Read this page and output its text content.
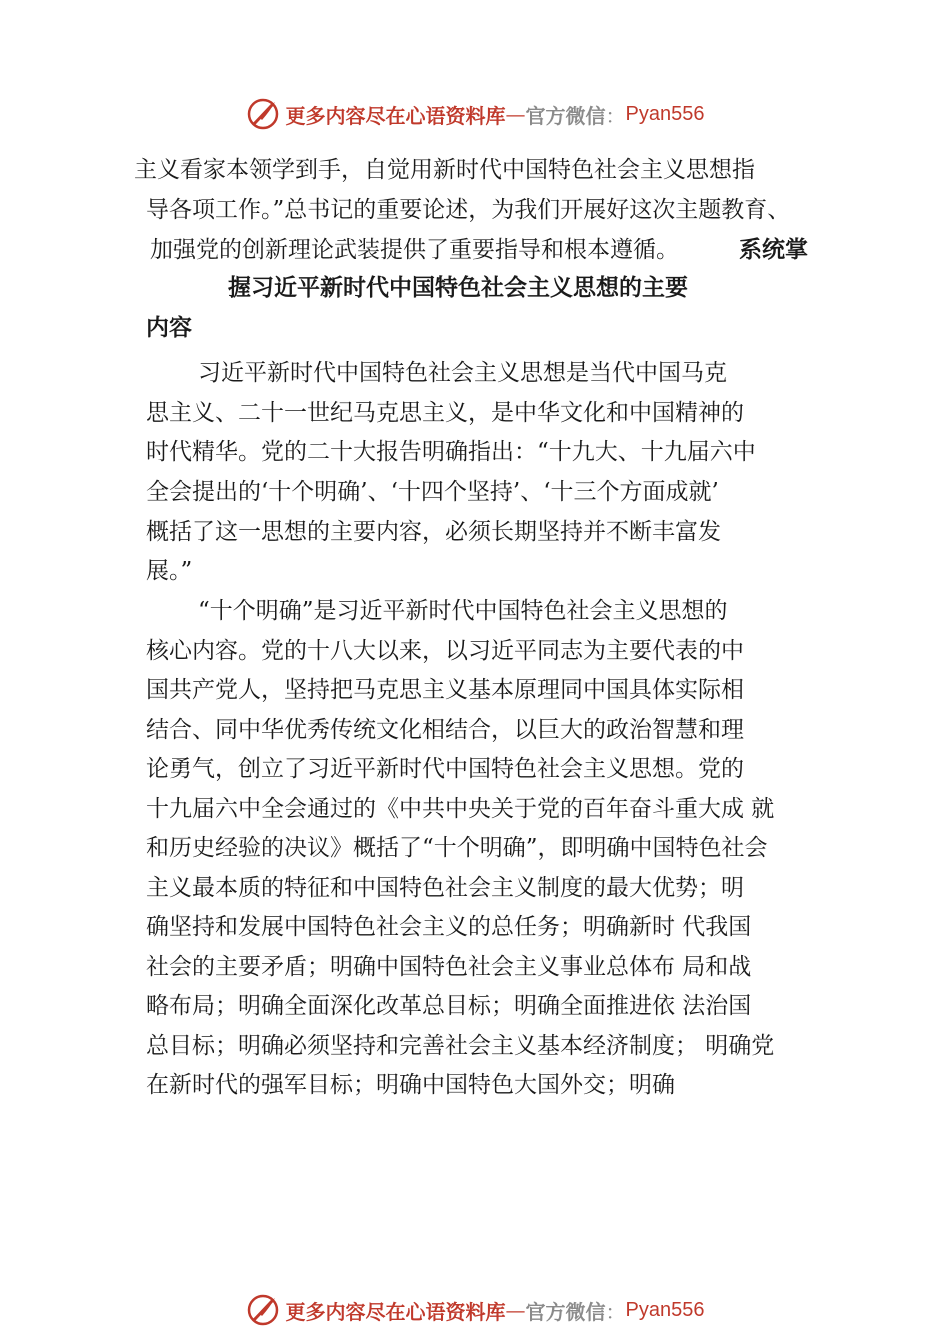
更多内容尽在心语资料库 — 官方微信 ： Pyan556
主义看家本领学到手，自觉用新时代中国特色社会主义思想指
导各项工作。”总书记的重要论述，为我们开展好这次主题教育、
加强党的创新理论武装提供了重要指导和根本遵循。	系统掌
握习近平新时代中国特色社会主义思想的主要
内容
习近平新时代中国特色社会主义思想是当代中国马克
思主义、二十一世纪马克思主义，是中华文化和中国精神的
时代精华。党的二十大报告明确指出：“十九大、十九届六中
全会提出的‘十个明确’、‘十四个坚持’、‘十三个方面成就’
概括了这一思想的主要内容，必须长期坚持并不断丰富发
展。”
“十个明确”是习近平新时代中国特色社会主义思想的
核心内容。党的十八大以来，以习近平同志为主要代表的中
国共产党人，坚持把马克思主义基本原理同中国具体实际相
结合、同中华优秀传统文化相结合，以巨大的政治智慧和理
论勇气，创立了习近平新时代中国特色社会主义思想。党的
十九届六中全会通过的《中共中央关于党的百年奋斗重大成 就
和历史经验的决议》概括了“十个明确”，即明确中国特色社会
主义最本质的特征和中国特色社会主义制度的最大优势；明
确坚持和发展中国特色社会主义的总任务；明确新时 代我国
社会的主要矛盾；明确中国特色社会主义事业总体布 局和战
略布局；明确全面深化改革总目标；明确全面推进依 法治国
总目标；明确必须坚持和完善社会主义基本经济制度； 明确党
在新时代的强军目标；明确中国特色大国外交；明确
更多内容尽在心语资料库 — 官方微信 ： Pyan556
